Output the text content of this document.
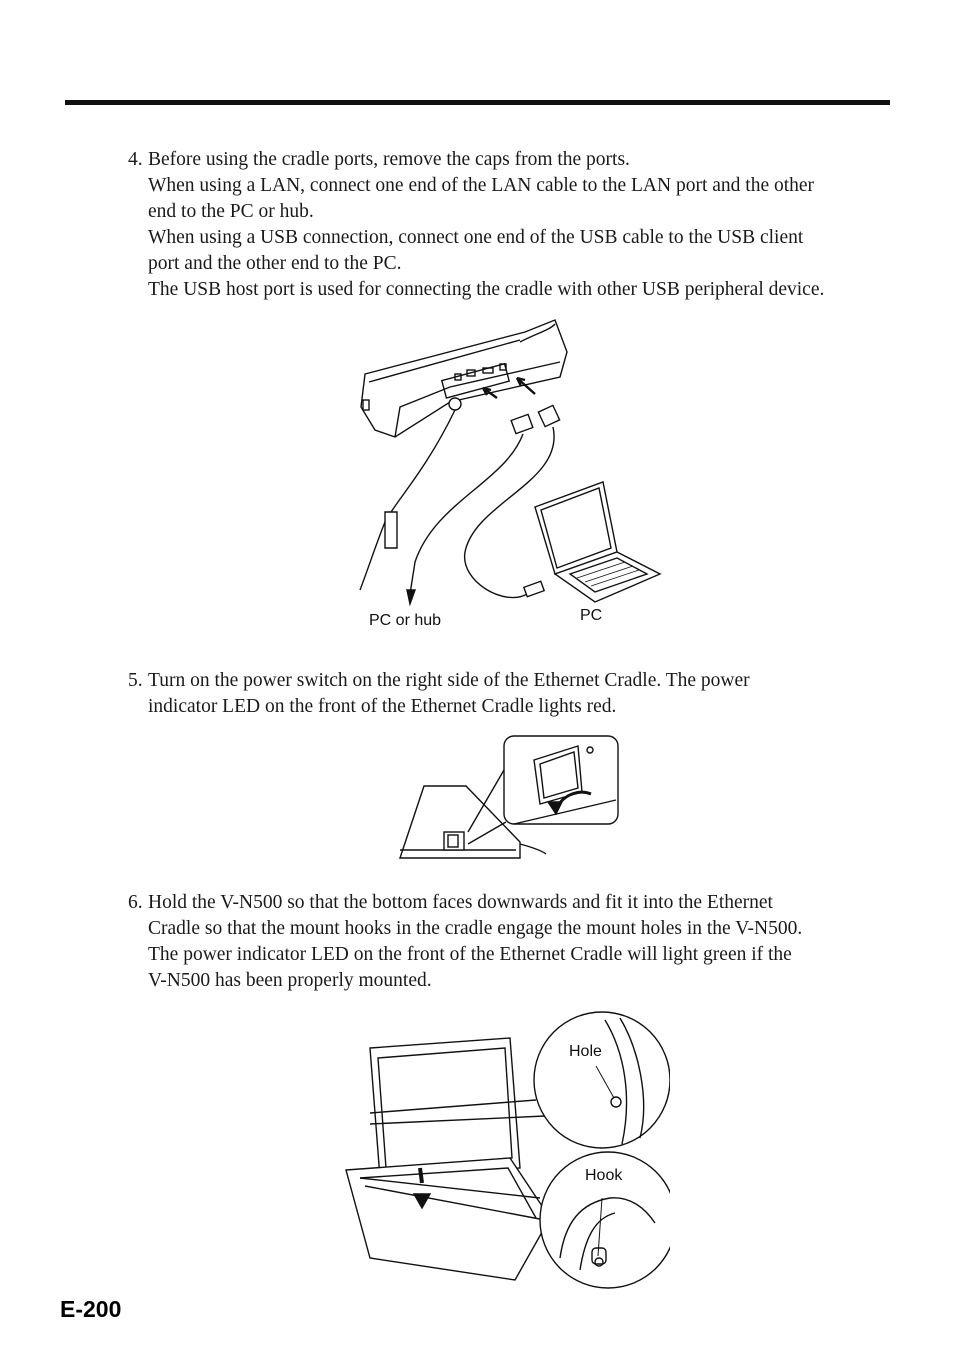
4. Before using the cradle ports, remove the caps from the ports.
When using a LAN, connect one end of the LAN cable to the LAN port and the other
end to the PC or hub.
When using a USB connection, connect one end of the USB cable to the USB client
port and the other end to the PC.
The USB host port is used for connecting the cradle with other USB peripheral device.
PC or hub	PC
5. Turn on the power switch on the right side of the Ethernet Cradle. The power
indicator LED on the front of the Ethernet Cradle lights red.
6. Hold the V-N500 so that the bottom faces downwards and fit it into the Ethernet
Cradle so that the mount hooks in the cradle engage the mount holes in the V-N500.
The power indicator LED on the front of the Ethernet Cradle will light green if the
V-N500 has been properly mounted.
Hole
Hook
E-200
